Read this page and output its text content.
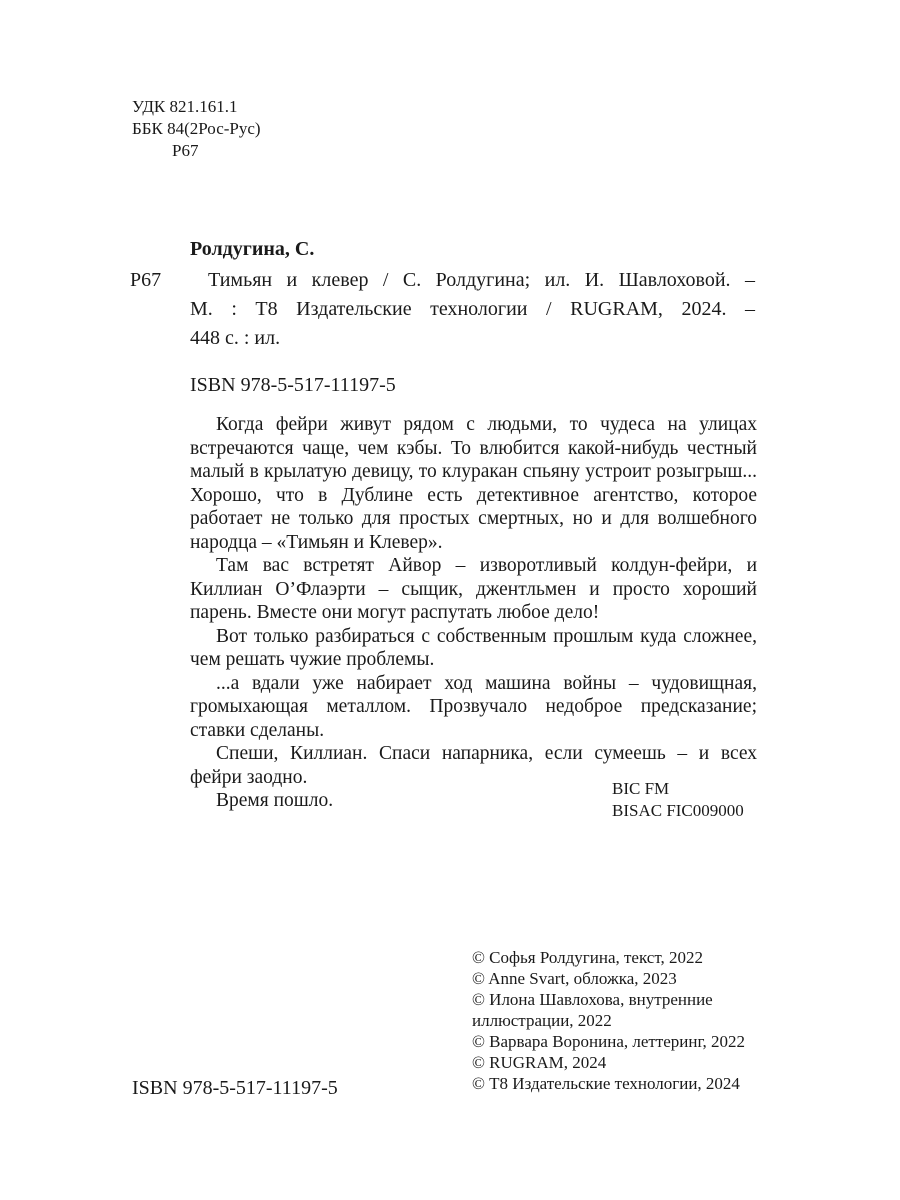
УДК 821.161.1
ББК 84(2Рос-Рус)
Р67
Ролдугина, С.
Р67	Тимьян и клевер / С. Ролдугина; ил. И. Шавлоховой. –
М. : Т8 Издательские технологии / RUGRAM, 2024. –
448 с. : ил.
ISBN 978-5-517-11197-5

Когда фейри живут рядом с людьми, то чудеса на улицах встречаются чаще, чем кэбы. То влюбится какой-нибудь честный малый в крылатую девицу, то клуракан спьяну устроит розыгрыш... Хорошо, что в Дублине есть детективное агентство, которое работает не только для простых смертных, но и для волшебного народца – «Тимьян и Клевер».

Там вас встретят Айвор – изворотливый колдун-фейри, и Киллиан О’Флаэрти – сыщик, джентльмен и просто хороший парень. Вместе они могут распутать любое дело!

Вот только разбираться с собственным прошлым куда сложнее, чем решать чужие проблемы.

...а вдали уже набирает ход машина войны – чудовищная, громыхающая металлом. Прозвучало недоброе предсказание; ставки сделаны.

Спеши, Киллиан. Спаси напарника, если сумеешь – и всех фейри заодно.

Время пошло.

BIC FM
BISAC FIC009000
© Софья Ролдугина, текст, 2022
© Anne Svart, обложка, 2023
© Илона Шавлохова, внутренние
иллюстрации, 2022
© Варвара Воронина, леттеринг, 2022
© RUGRAM, 2024
© Т8 Издательские технологии, 2024
ISBN 978-5-517-11197-5
